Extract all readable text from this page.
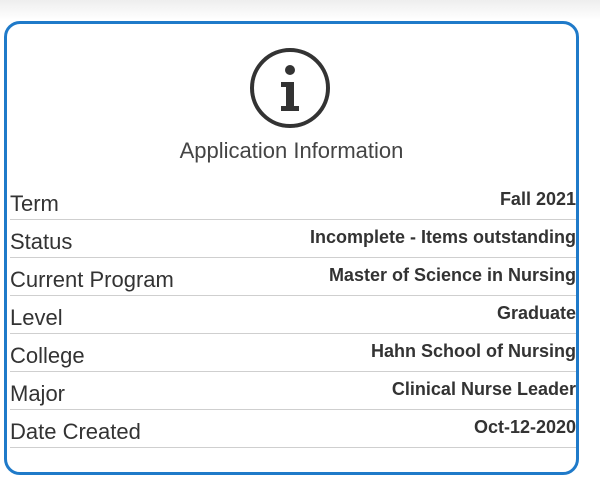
Application Information
Term	Fall 2021
Status	Incomplete - Items outstanding
Current Program	Master of Science in Nursing
Level	Graduate
College	Hahn School of Nursing
Major	Clinical Nurse Leader
Date Created	Oct-12-2020
